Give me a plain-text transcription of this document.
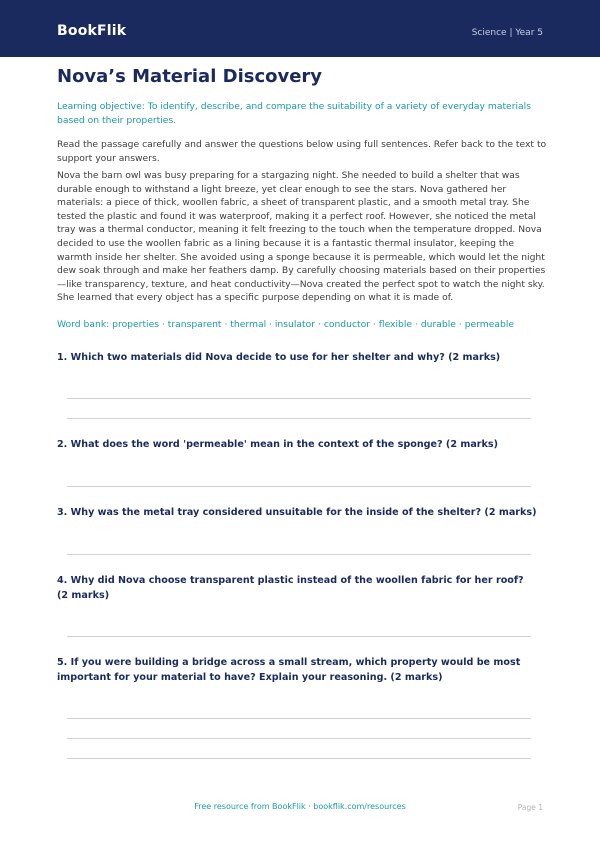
BookFlik	Science | Year 5
Nova’s Material Discovery
Learning objective: To identify, describe, and compare the suitability of a variety of everyday materials based on their properties.
Read the passage carefully and answer the questions below using full sentences. Refer back to the text to support your answers.
Nova the barn owl was busy preparing for a stargazing night. She needed to build a shelter that was durable enough to withstand a light breeze, yet clear enough to see the stars. Nova gathered her materials: a piece of thick, woollen fabric, a sheet of transparent plastic, and a smooth metal tray. She tested the plastic and found it was waterproof, making it a perfect roof. However, she noticed the metal tray was a thermal conductor, meaning it felt freezing to the touch when the temperature dropped. Nova decided to use the woollen fabric as a lining because it is a fantastic thermal insulator, keeping the warmth inside her shelter. She avoided using a sponge because it is permeable, which would let the night dew soak through and make her feathers damp. By carefully choosing materials based on their properties—like transparency, texture, and heat conductivity—Nova created the perfect spot to watch the night sky. She learned that every object has a specific purpose depending on what it is made of.
Word bank: properties · transparent · thermal · insulator · conductor · flexible · durable · permeable
1. Which two materials did Nova decide to use for her shelter and why? (2 marks)
2. What does the word 'permeable' mean in the context of the sponge? (2 marks)
3. Why was the metal tray considered unsuitable for the inside of the shelter? (2 marks)
4. Why did Nova choose transparent plastic instead of the woollen fabric for her roof? (2 marks)
5. If you were building a bridge across a small stream, which property would be most important for your material to have? Explain your reasoning. (2 marks)
Free resource from BookFlik · bookflik.com/resources	Page 1
